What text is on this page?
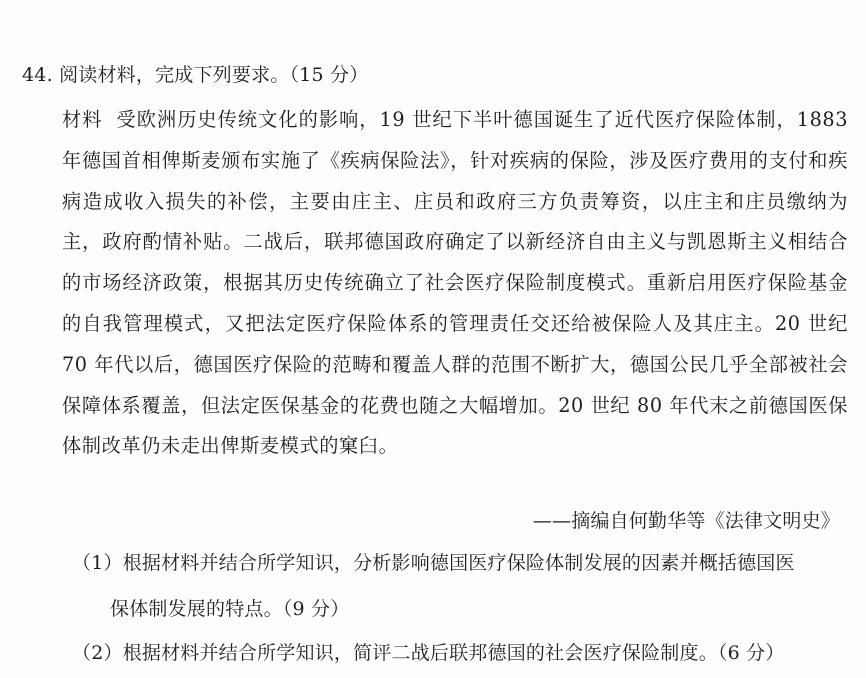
44. 阅读材料，完成下列要求。（15 分）
材料 受欧洲历史传统文化的影响，19 世纪下半叶德国诞生了近代医疗保险体制，1883 年德国首相俾斯麦颁布实施了《疾病保险法》，针对疾病的保险，涉及医疗费用的支付和疾病造成收入损失的补偿，主要由庄主、庄员和政府三方负责筹资，以庄主和庄员缴纳为主，政府酌情补贴。二战后，联邦德国政府确定了以新经济自由主义与凯恩斯主义相结合的市场经济政策，根据其历史传统确立了社会医疗保险制度模式。重新启用医疗保险基金的自我管理模式，又把法定医疗保险体系的管理责任交还给被保险人及其庄主。20 世纪 70 年代以后，德国医疗保险的范畴和覆盖人群的范围不断扩大，德国公民几乎全部被社会保障体系覆盖，但法定医保基金的花费也随之大幅增加。20 世纪 80 年代末之前德国医保体制改革仍未走出俾斯麦模式的窠臼。
——摘编自何勤华等《法律文明史》
（1）根据材料并结合所学知识，分析影响德国医疗保险体制发展的因素并概括德国医
保体制发展的特点。（9 分）
（2）根据材料并结合所学知识，简评二战后联邦德国的社会医疗保险制度。（6 分）
